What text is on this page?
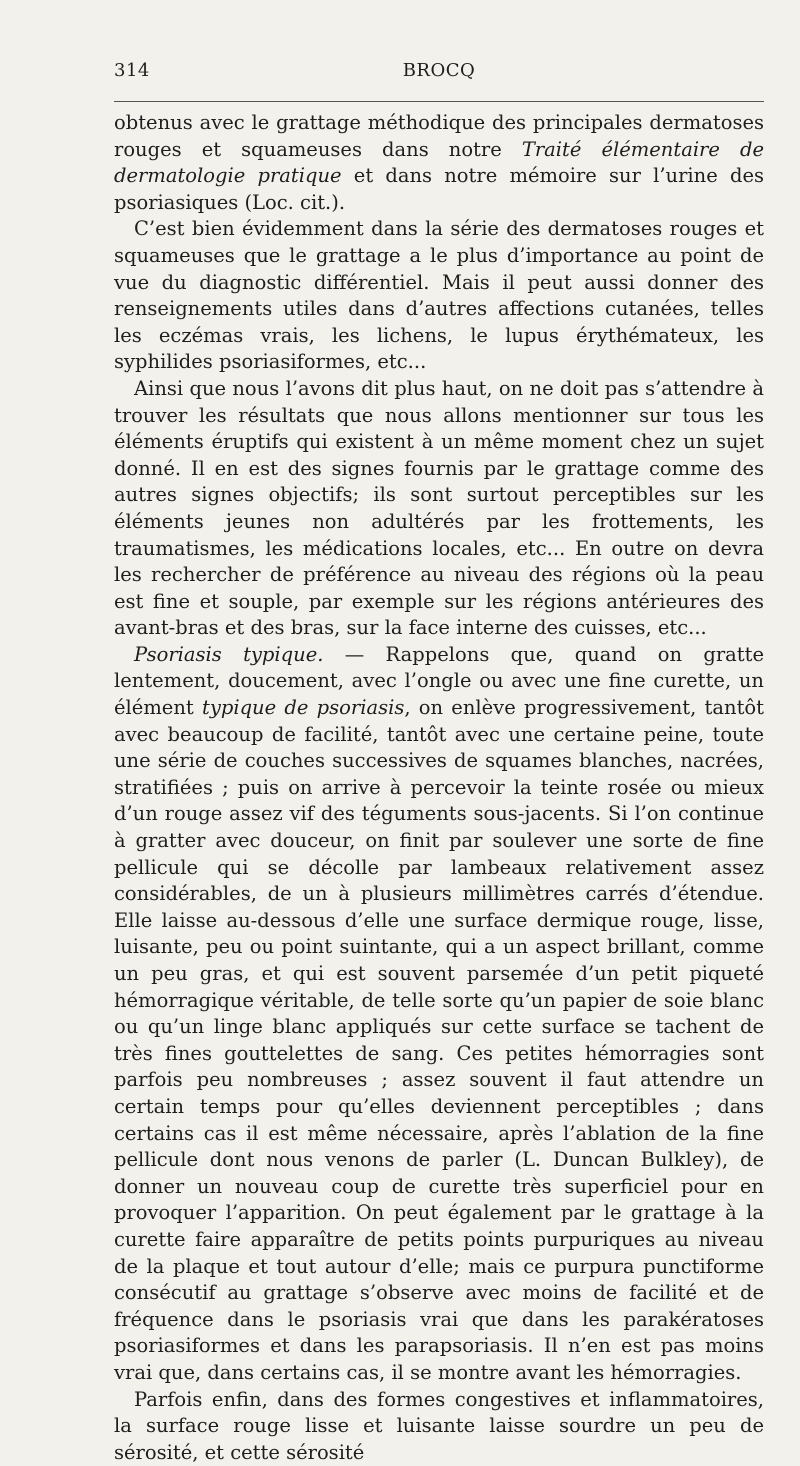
314	BROCQ

obtenus avec le grattage méthodique des principales dermatoses rouges et squameuses dans notre Traité élémentaire de dermatologie pratique et dans notre mémoire sur l’urine des psoriasiques (Loc. cit.).

C’est bien évidemment dans la série des dermatoses rouges et squameuses que le grattage a le plus d’importance au point de vue du diagnostic différentiel. Mais il peut aussi donner des renseignements utiles dans d’autres affections cutanées, telles les eczémas vrais, les lichens, le lupus érythémateux, les syphilides psoriasiformes, etc...

Ainsi que nous l’avons dit plus haut, on ne doit pas s’attendre à trouver les résultats que nous allons mentionner sur tous les éléments éruptifs qui existent à un même moment chez un sujet donné. Il en est des signes fournis par le grattage comme des autres signes objectifs; ils sont surtout perceptibles sur les éléments jeunes non adultérés par les frottements, les traumatismes, les médications locales, etc... En outre on devra les rechercher de préférence au niveau des régions où la peau est fine et souple, par exemple sur les régions antérieures des avant-bras et des bras, sur la face interne des cuisses, etc...

Psoriasis typique. — Rappelons que, quand on gratte lentement, doucement, avec l’ongle ou avec une fine curette, un élément typique de psoriasis, on enlève progressivement, tantôt avec beaucoup de facilité, tantôt avec une certaine peine, toute une série de couches successives de squames blanches, nacrées, stratifiées ; puis on arrive à percevoir la teinte rosée ou mieux d’un rouge assez vif des téguments sous-jacents. Si l’on continue à gratter avec douceur, on finit par soulever une sorte de fine pellicule qui se décolle par lambeaux relativement assez considérables, de un à plusieurs millimètres carrés d’étendue. Elle laisse au-dessous d’elle une surface dermique rouge, lisse, luisante, peu ou point suintante, qui a un aspect brillant, comme un peu gras, et qui est souvent parsemée d’un petit piqueté hémorragique véritable, de telle sorte qu’un papier de soie blanc ou qu’un linge blanc appliqués sur cette surface se tachent de très fines gouttelettes de sang. Ces petites hémorragies sont parfois peu nombreuses ; assez souvent il faut attendre un certain temps pour qu’elles deviennent perceptibles ; dans certains cas il est même nécessaire, après l’ablation de la fine pellicule dont nous venons de parler (L. Duncan Bulkley), de donner un nouveau coup de curette très superficiel pour en provoquer l’apparition. On peut également par le grattage à la curette faire apparaître de petits points purpuriques au niveau de la plaque et tout autour d’elle; mais ce purpura punctiforme consécutif au grattage s’observe avec moins de facilité et de fréquence dans le psoriasis vrai que dans les parakératoses psoriasiformes et dans les parapsoriasis. Il n’en est pas moins vrai que, dans certains cas, il se montre avant les hémorragies.

Parfois enfin, dans des formes congestives et inflammatoires, la surface rouge lisse et luisante laisse sourdre un peu de sérosité, et cette sérosité
